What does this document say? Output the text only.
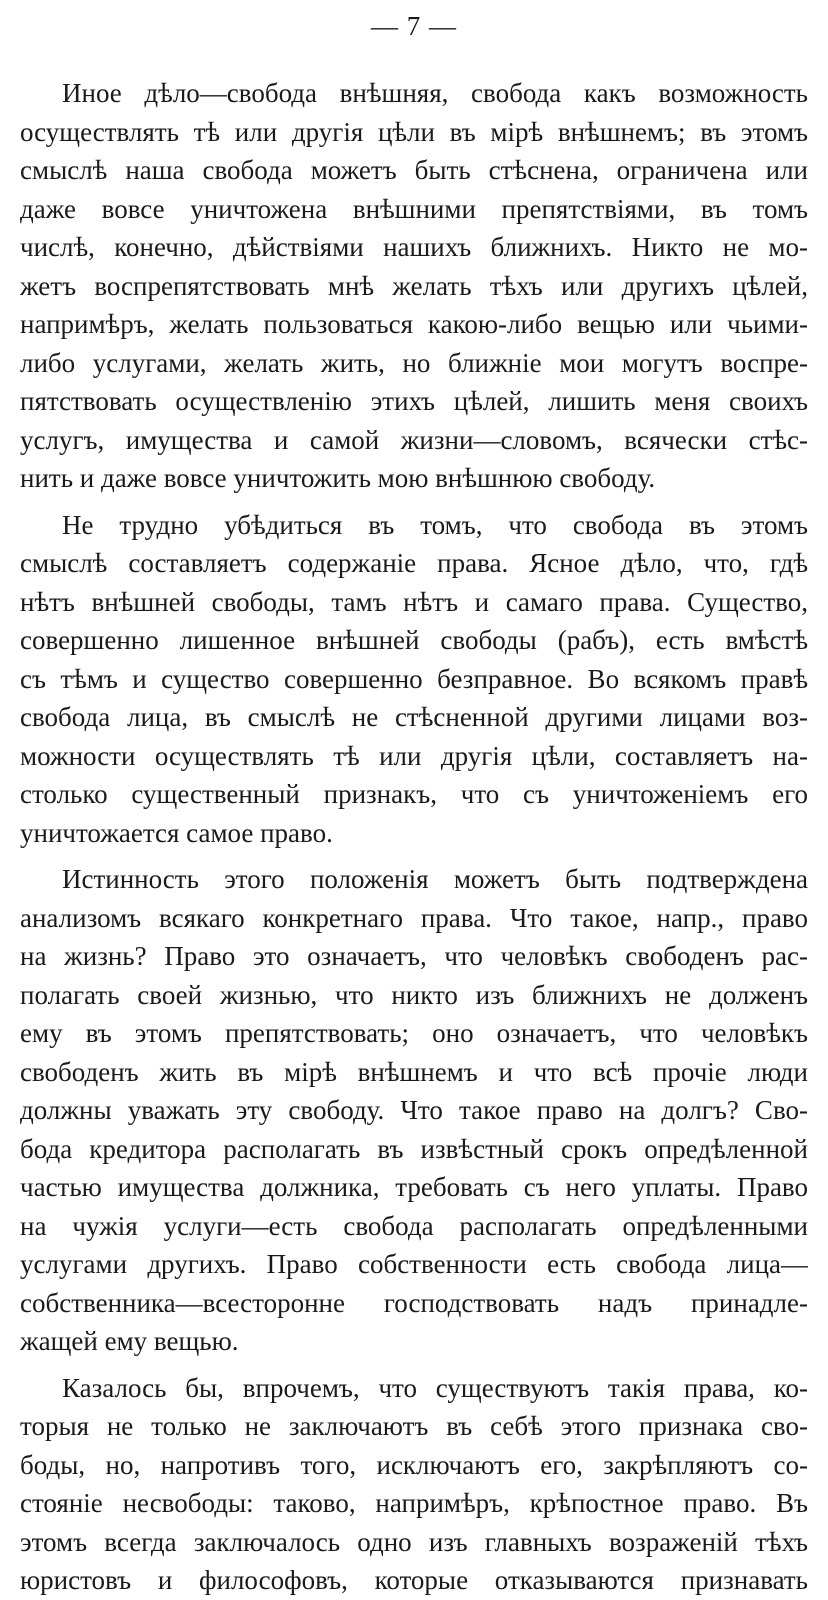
— 7 —
Иное дѣло—свобода внѣшняя, свобода какъ возможность
осуществлять тѣ или другія цѣли въ мірѣ внѣшнемъ; въ этомъ
смыслѣ наша свобода можетъ быть стѣснена, ограничена или
даже вовсе уничтожена внѣшними препятствіями, въ томъ
числѣ, конечно, дѣйствіями нашихъ ближнихъ. Никто не мо-
жетъ воспрепятствовать мнѣ желать тѣхъ или другихъ цѣлей,
напримѣръ, желать пользоваться какою-либо вещью или чьими-
либо услугами, желать жить, но ближніе мои могутъ воспре-
пятствовать осуществленію этихъ цѣлей, лишить меня своихъ
услугъ, имущества и самой жизни—словомъ, всячески стѣс-
нить и даже вовсе уничтожить мою внѣшнюю свободу.
Не трудно убѣдиться въ томъ, что свобода въ этомъ
смыслѣ составляетъ содержаніе права. Ясное дѣло, что, гдѣ
нѣтъ внѣшней свободы, тамъ нѣтъ и самаго права. Существо,
совершенно лишенное внѣшней свободы (рабъ), есть вмѣстѣ
съ тѣмъ и существо совершенно безправное. Во всякомъ правѣ
свобода лица, въ смыслѣ не стѣсненной другими лицами воз-
можности осуществлять тѣ или другія цѣли, составляетъ на-
столько существенный признакъ, что съ уничтоженіемъ его
уничтожается самое право.
Истинность этого положенія можетъ быть подтверждена
анализомъ всякаго конкретнаго права. Что такое, напр., право
на жизнь? Право это означаетъ, что человѣкъ свободенъ рас-
полагать своей жизнью, что никто изъ ближнихъ не долженъ
ему въ этомъ препятствовать; оно означаетъ, что человѣкъ
свободенъ жить въ мірѣ внѣшнемъ и что всѣ прочіе люди
должны уважать эту свободу. Что такое право на долгъ? Сво-
бода кредитора располагать въ извѣстный срокъ опредѣленной
частью имущества должника, требовать съ него уплаты. Право
на чужія услуги—есть свобода располагать опредѣленными
услугами другихъ. Право собственности есть свобода лица—
собственника—всесторонне господствовать надъ принадле-
жащей ему вещью.
Казалось бы, впрочемъ, что существуютъ такія права, ко-
торыя не только не заключаютъ въ себѣ этого признака сво-
боды, но, напротивъ того, исключаютъ его, закрѣпляютъ со-
стояніе несвободы: таково, напримѣръ, крѣпостное право. Въ
этомъ всегда заключалось одно изъ главныхъ возраженій тѣхъ
юристовъ и философовъ, которые отказываются признавать
